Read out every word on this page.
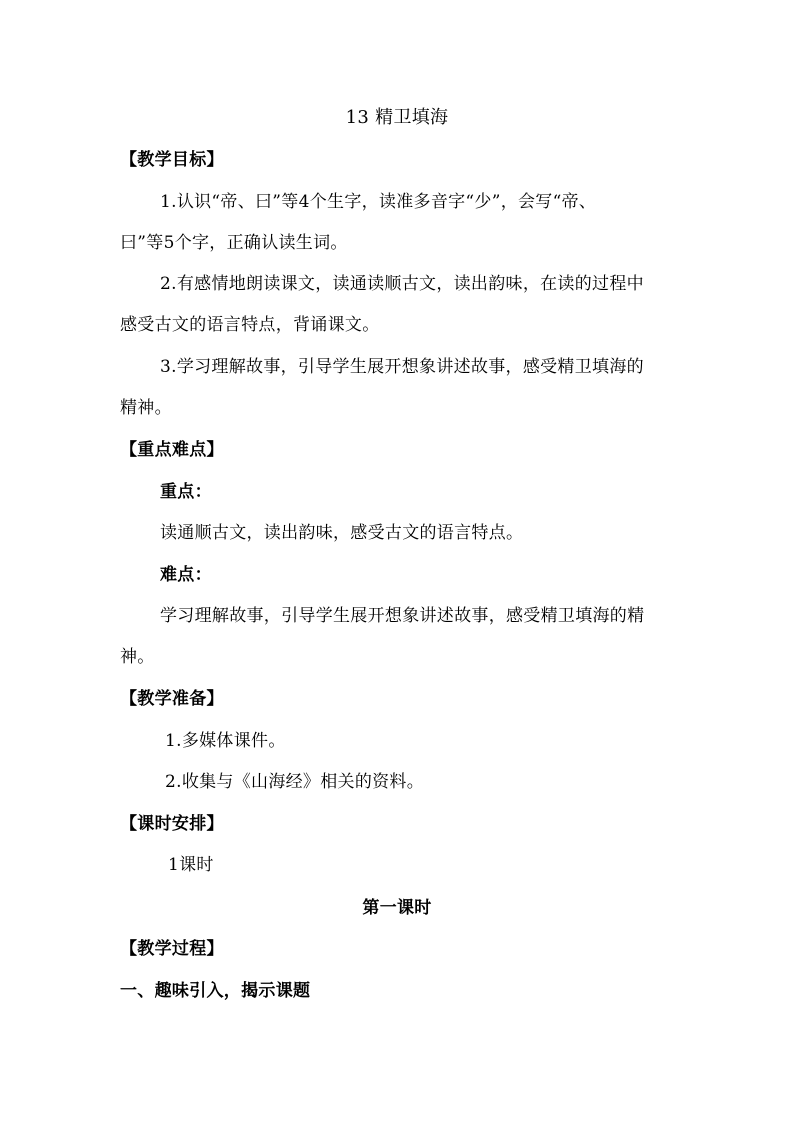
13 精卫填海
【教学目标】
1.认识“帝、曰”等4个生字，读准多音字“少”，会写“帝、
曰”等5个字，正确认读生词。
2.有感情地朗读课文，读通读顺古文，读出韵味，在读的过程中
感受古文的语言特点，背诵课文。
3.学习理解故事，引导学生展开想象讲述故事，感受精卫填海的
精神。
【重点难点】
重点：
读通顺古文，读出韵味，感受古文的语言特点。
难点：
学习理解故事，引导学生展开想象讲述故事，感受精卫填海的精
神。
【教学准备】
1.多媒体课件。
2.收集与《山海经》相关的资料。
【课时安排】
1课时
第一课时
【教学过程】
一、趣味引入，揭示课题
